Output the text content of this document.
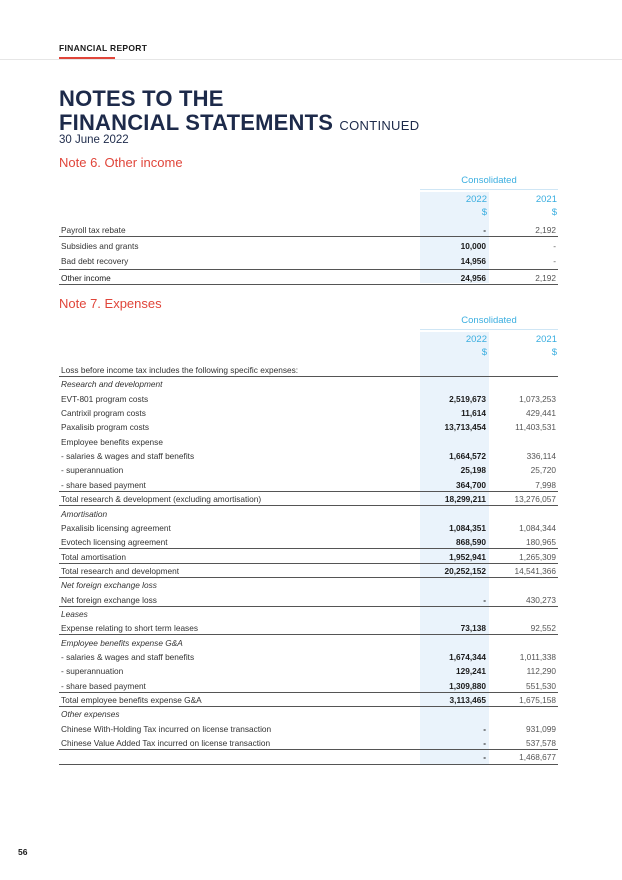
FINANCIAL REPORT
NOTES TO THE
FINANCIAL STATEMENTS CONTINUED
30 June 2022
Note 6. Other income
Consolidated
2022	2021
$	$
Payroll tax rebate	-	2,192
Subsidies and grants	10,000	-
Bad debt recovery	14,956	-
Other income	24,956	2,192
Note 7. Expenses
Consolidated
2022	2021
$	$
Loss before income tax includes the following specific expenses:
Research and development
EVT-801 program costs	2,519,673	1,073,253
Cantrixil program costs	11,614	429,441
Paxalisib program costs	13,713,454	11,403,531
Employee benefits expense
- salaries & wages and staff benefits	1,664,572	336,114
- superannuation	25,198	25,720
- share based payment	364,700	7,998
Total research & development (excluding amortisation)	18,299,211	13,276,057
Amortisation
Paxalisib licensing agreement	1,084,351	1,084,344
Evotech licensing agreement	868,590	180,965
Total amortisation	1,952,941	1,265,309
Total research and development	20,252,152	14,541,366
Net foreign exchange loss
Net foreign exchange loss	-	430,273
Leases
Expense relating to short term leases	73,138	92,552
Employee benefits expense G&A
- salaries & wages and staff benefits	1,674,344	1,011,338
- superannuation	129,241	112,290
- share based payment	1,309,880	551,530
Total employee benefits expense G&A	3,113,465	1,675,158
Other expenses
Chinese With-Holding Tax incurred on license transaction	-	931,099
Chinese Value Added Tax incurred on license transaction	-	537,578
-	1,468,677
56
